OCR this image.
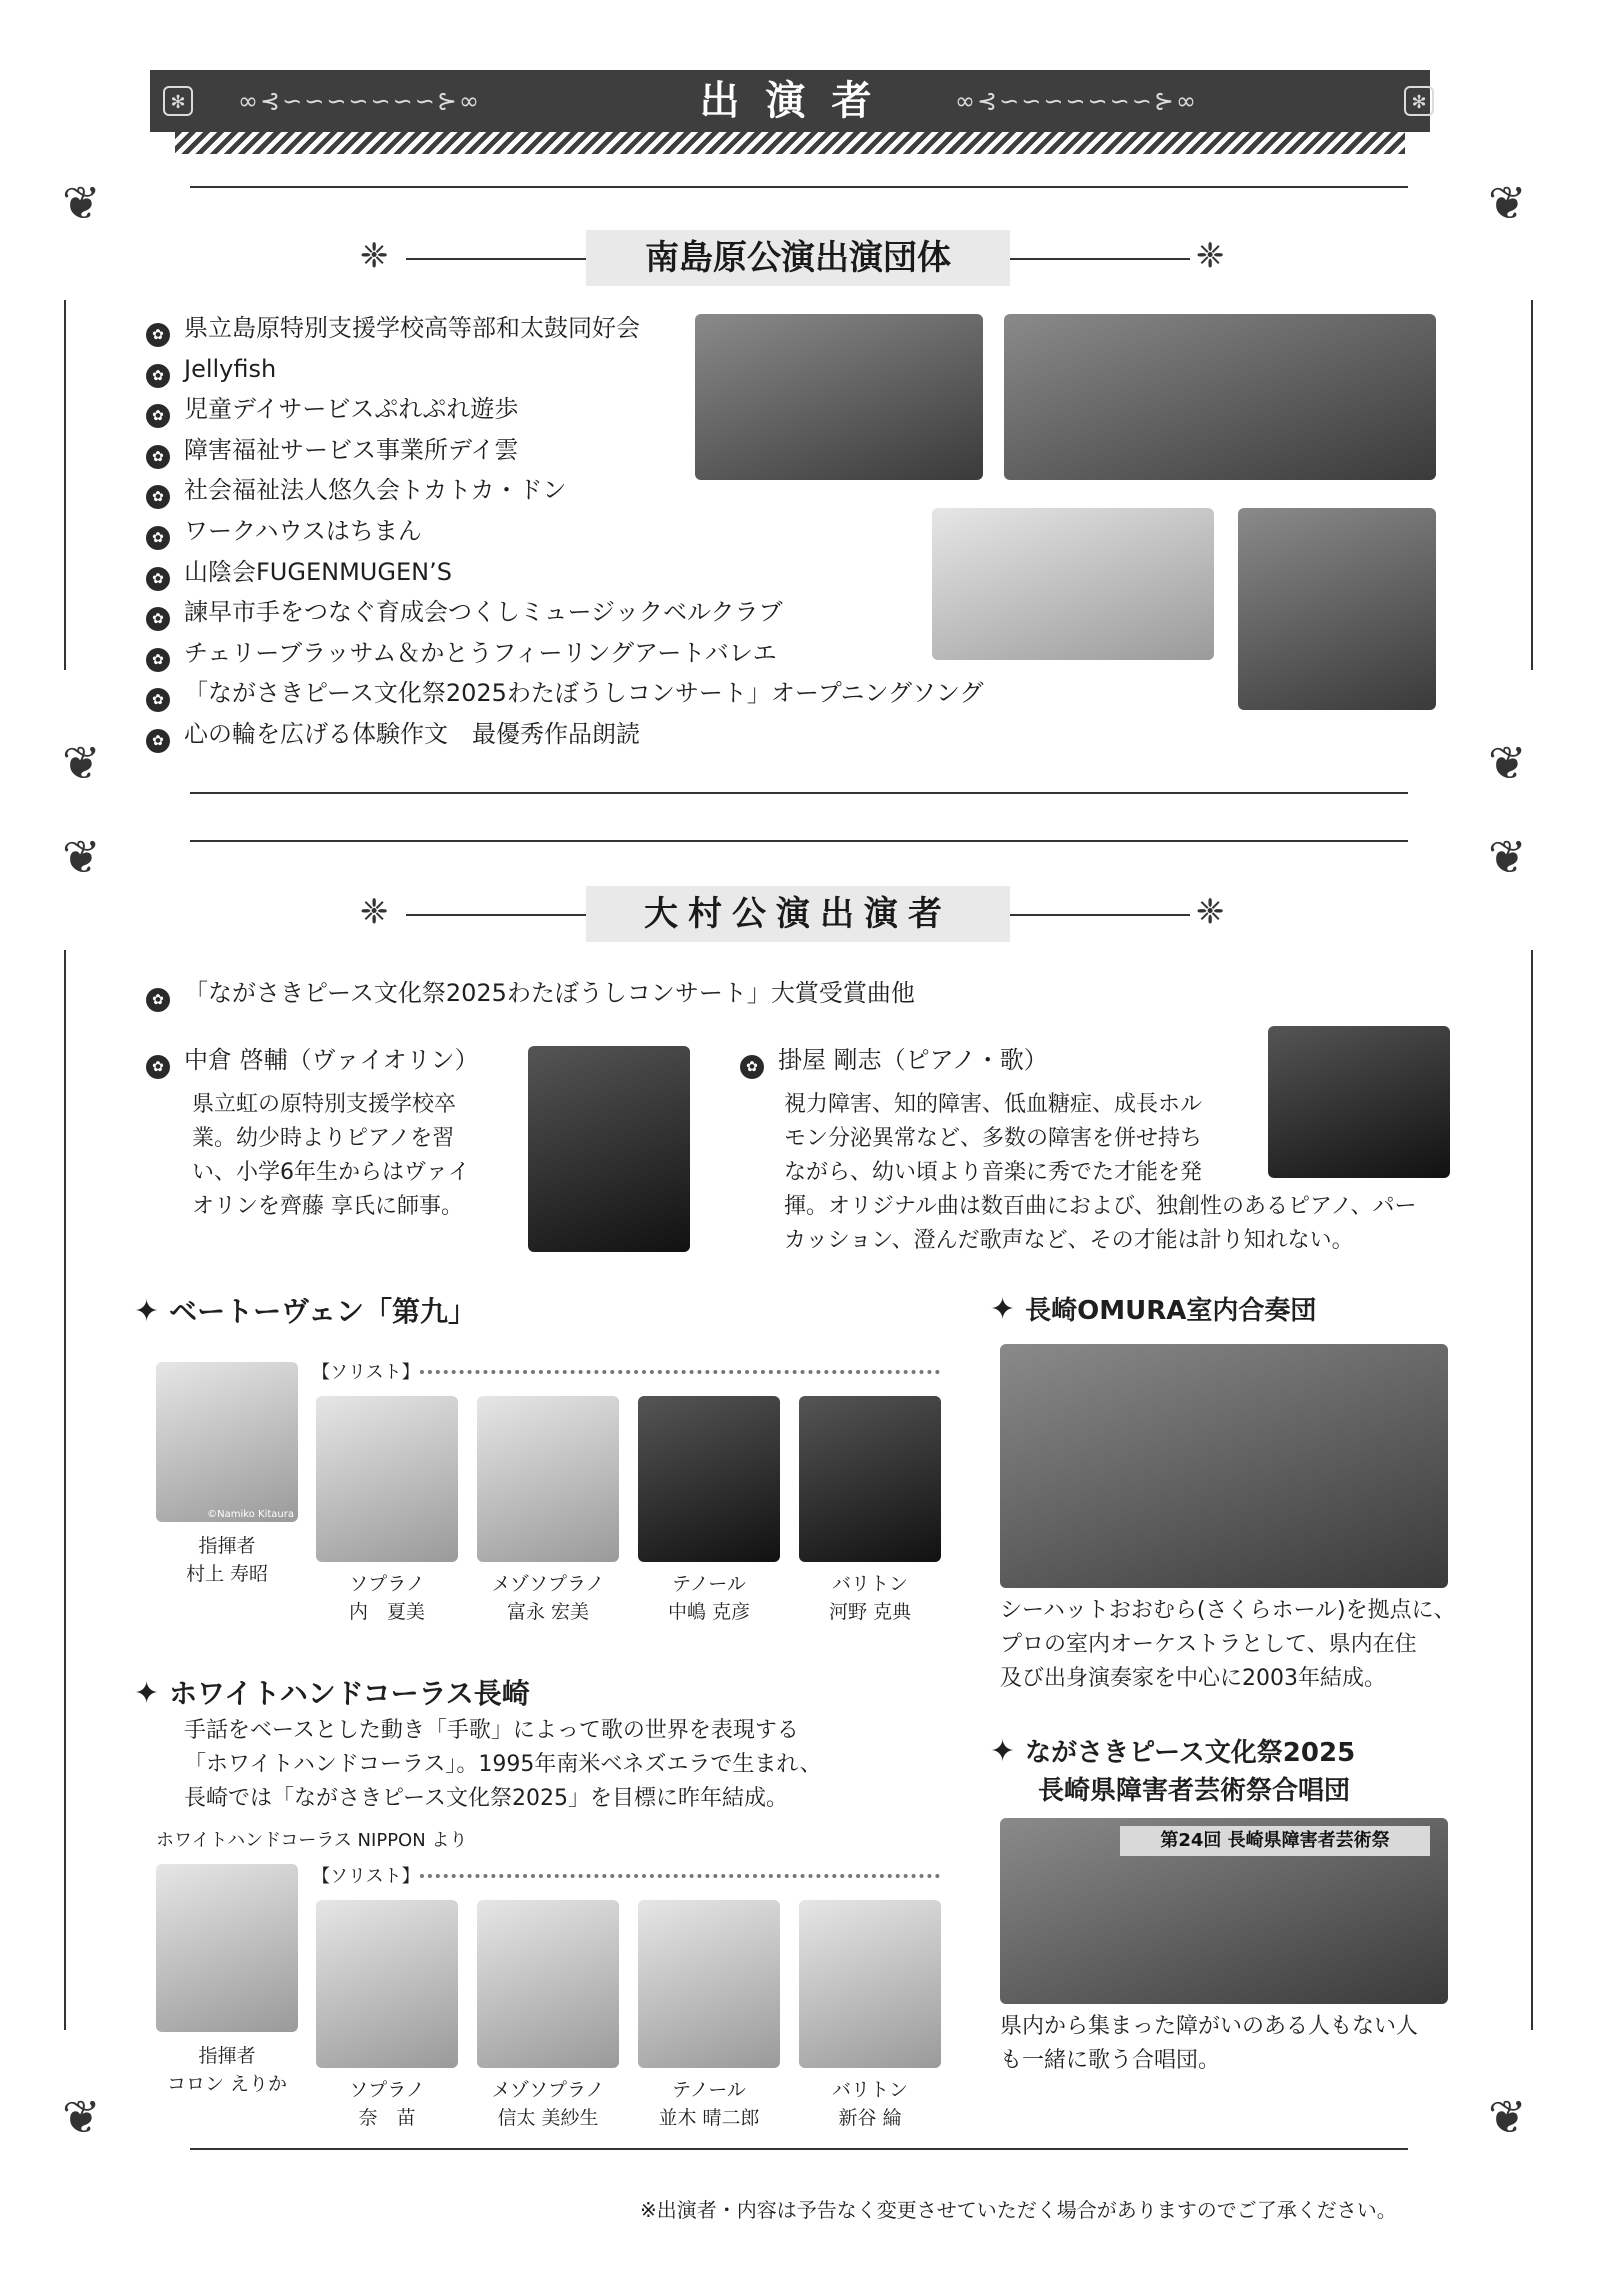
✻	✻
∞⊰∽∽∽∽∽∽∽⊱∞	∞⊰∽∽∽∽∽∽∽⊱∞
出演者
❦	❦
❦	❦
❈	南島原公演出演団体	❈
✿ 県立島原特別支援学校高等部和太鼓同好会
✿ Jellyfish
✿ 児童デイサービスぷれぷれ遊歩
✿ 障害福祉サービス事業所デイ雲
✿ 社会福祉法人悠久会トカトカ・ドン
✿ ワークハウスはちまん
✿ 山陰会FUGENMUGEN’S
✿ 諫早市手をつなぐ育成会つくしミュージックベルクラブ
✿ チェリーブラッサム＆かとうフィーリングアートバレエ
✿ 「ながさきピース文化祭2025わたぼうしコンサート」オープニングソング
✿ 心の輪を広げる体験作文　最優秀作品朗読
❦	❦
❦	❦
❈	大村公演出演者	❈
✿ 「ながさきピース文化祭2025わたぼうしコンサート」大賞受賞曲他
✿ 中倉 啓輔（ヴァイオリン）
県立虹の原特別支援学校卒
業。幼少時よりピアノを習
い、小学6年生からはヴァイ
オリンを齊藤 享氏に師事。
✿ 掛屋 剛志（ピアノ・歌）
視力障害、知的障害、低血糖症、成長ホル
モン分泌異常など、多数の障害を併せ持ち
ながら、幼い頃より音楽に秀でた才能を発
揮。オリジナル曲は数百曲におよび、独創性のあるピアノ、パー
カッション、澄んだ歌声など、その才能は計り知れない。
✦ ベートーヴェン「第九」
【ソリスト】
©Namiko Kitaura
指揮者
村上 寿昭	ソプラノ
内　夏美
メゾソプラノ
富永 宏美
テノール
中嶋 克彦
バリトン
河野 克典
✦ ホワイトハンドコーラス長崎
手話をベースとした動き「手歌」によって歌の世界を表現する
「ホワイトハンドコーラス」。1995年南米ベネズエラで生まれ、
長崎では「ながさきピース文化祭2025」を目標に昨年結成。
ホワイトハンドコーラス NIPPON より
【ソリスト】
指揮者
コロン えりか	ソプラノ
奈　苗
メゾソプラノ
信太 美紗生
テノール
並木 晴二郎
バリトン
新谷 綸
✦ 長崎OMURA室内合奏団
シーハットおおむら(さくらホール)を拠点に、
プロの室内オーケストラとして、県内在住
及び出身演奏家を中心に2003年結成。
✦ ながさきピース文化祭2025
長崎県障害者芸術祭合唱団
第24回 長崎県障害者芸術祭
県内から集まった障がいのある人もない人
も一緒に歌う合唱団。
※出演者・内容は予告なく変更させていただく場合がありますのでご了承ください。
